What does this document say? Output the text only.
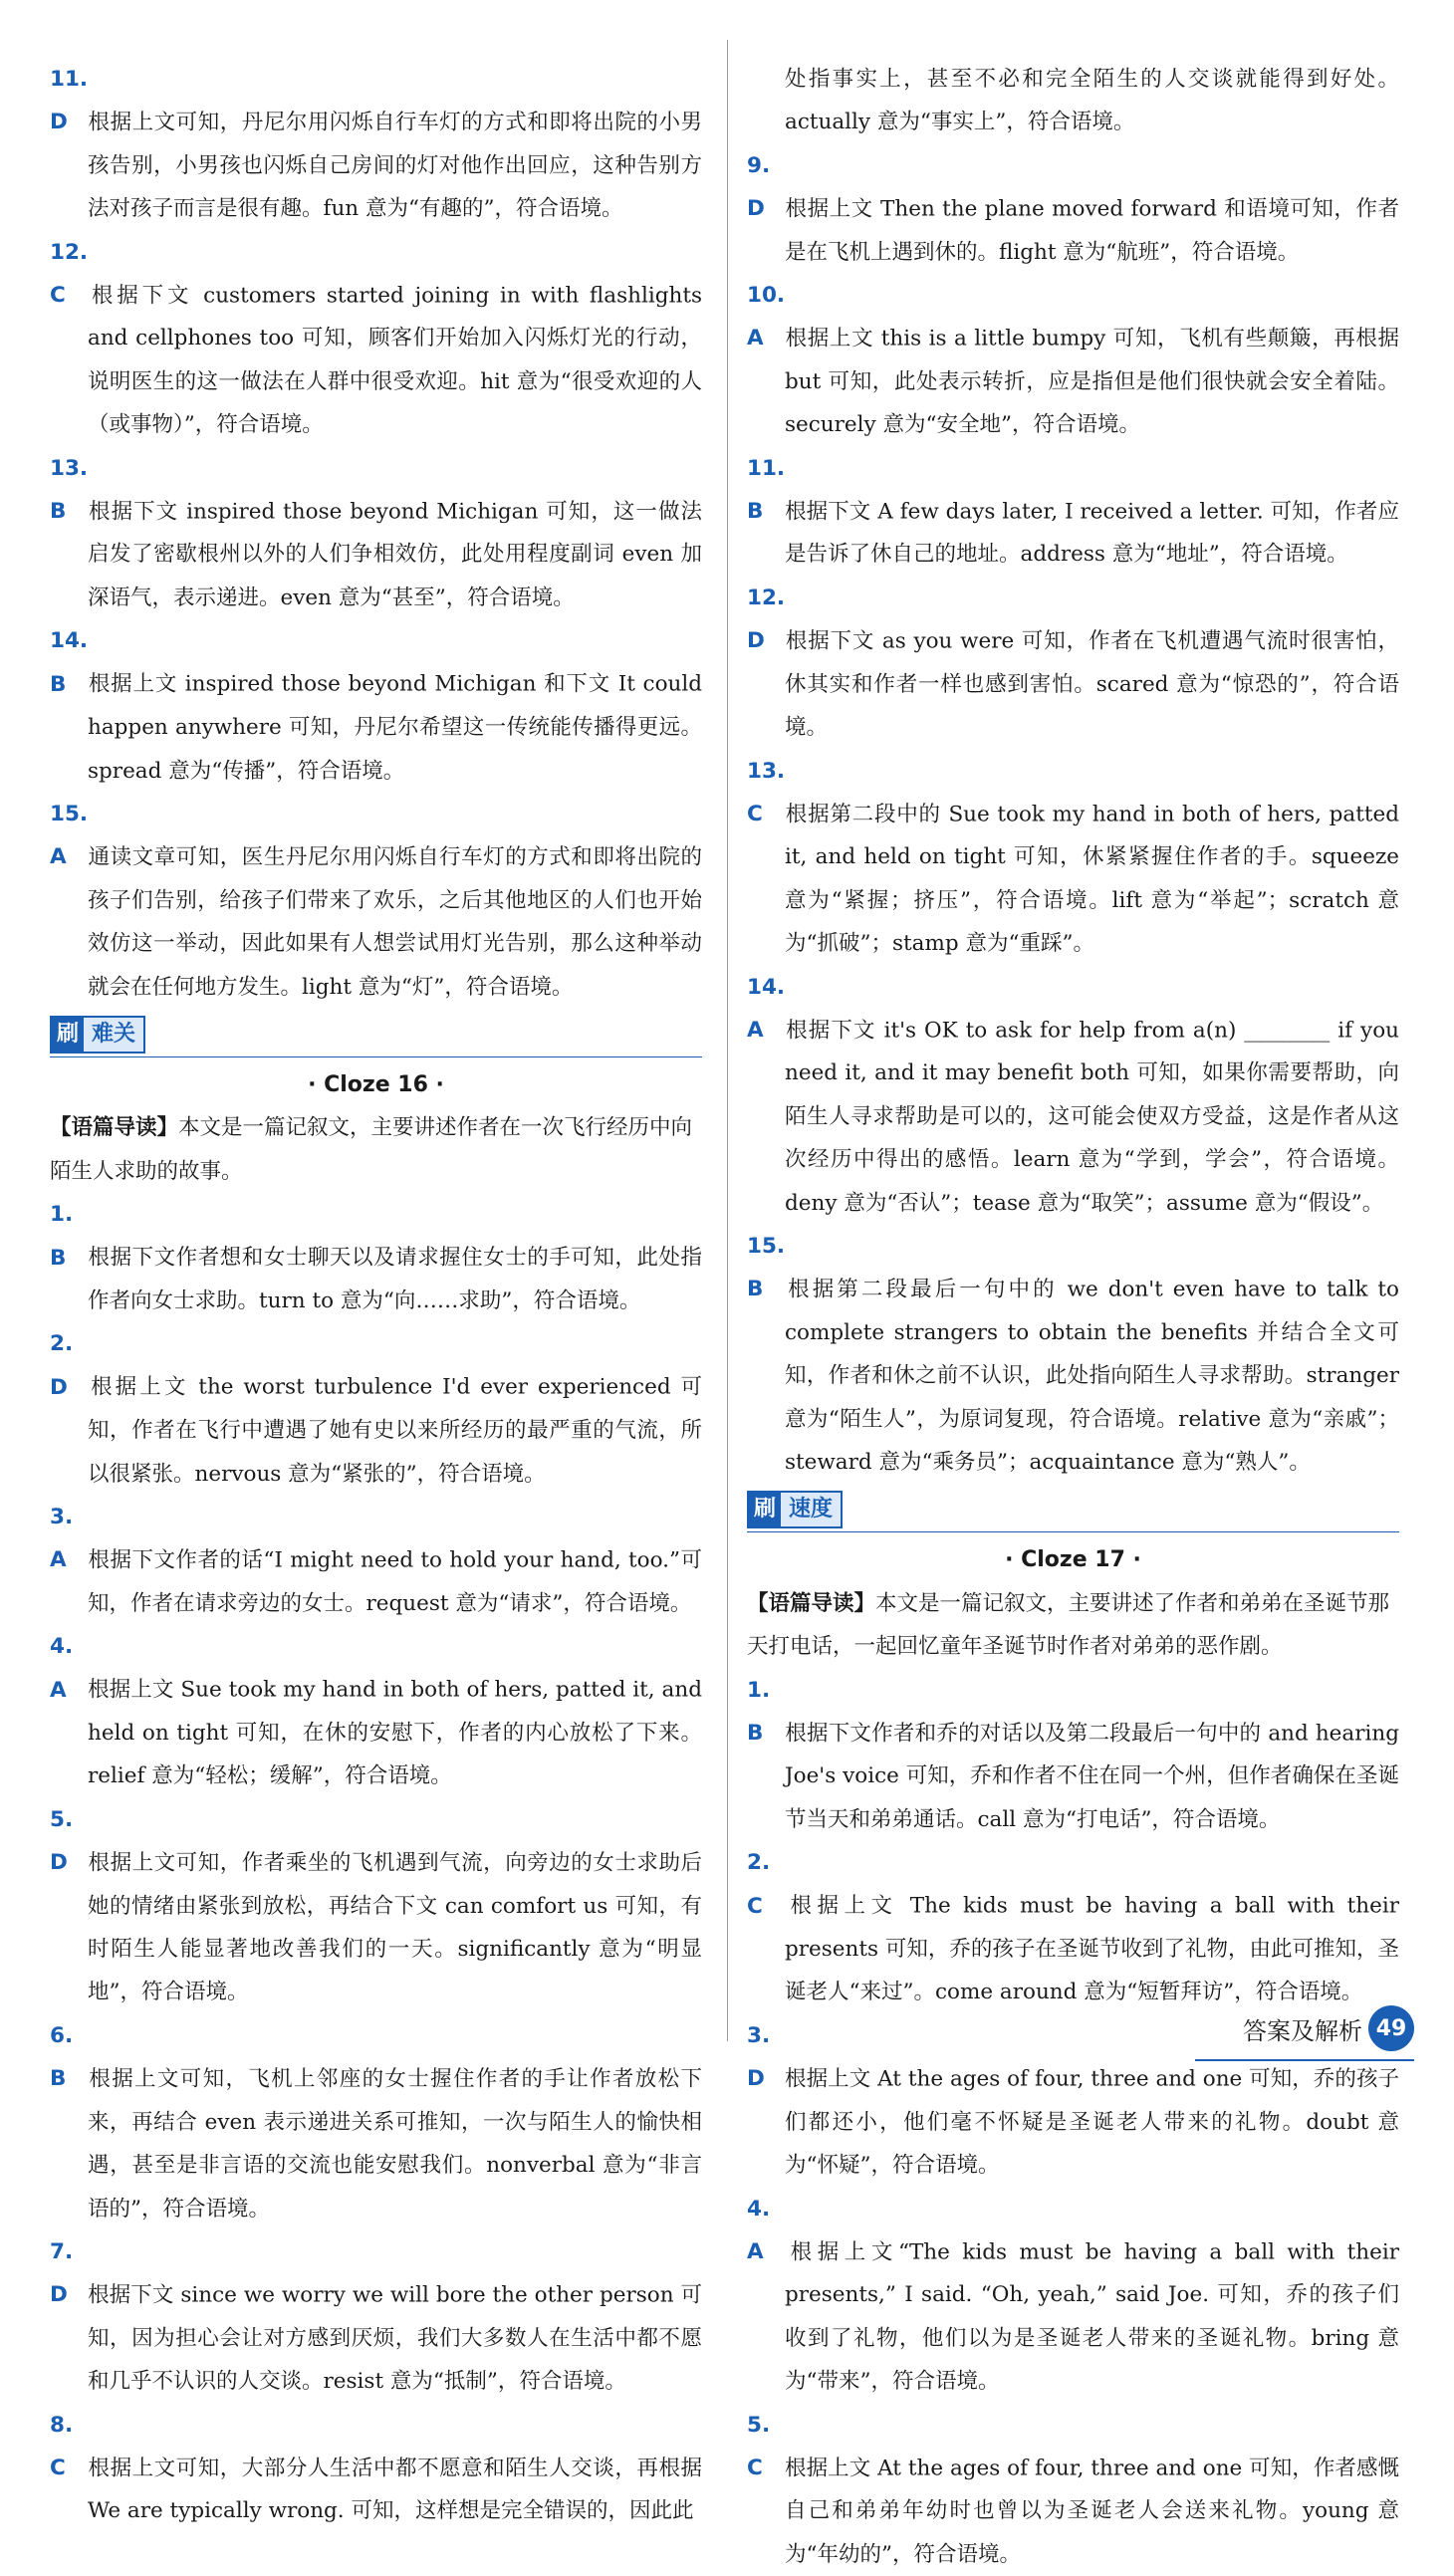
11. D 根据上文可知，丹尼尔用闪烁自行车灯的方式和即将出院的小男孩告别，小男孩也闪烁自己房间的灯对他作出回应，这种告别方法对孩子而言是很有趣。fun 意为“有趣的”，符合语境。

12. C 根据下文 customers started joining in with flashlights and cellphones too 可知，顾客们开始加入闪烁灯光的行动，说明医生的这一做法在人群中很受欢迎。hit 意为“很受欢迎的人（或事物）”，符合语境。

13. B 根据下文 inspired those beyond Michigan 可知，这一做法启发了密歇根州以外的人们争相效仿，此处用程度副词 even 加深语气，表示递进。even 意为“甚至”，符合语境。

14. B 根据上文 inspired those beyond Michigan 和下文 It could happen anywhere 可知，丹尼尔希望这一传统能传播得更远。spread 意为“传播”，符合语境。

15. A 通读文章可知，医生丹尼尔用闪烁自行车灯的方式和即将出院的孩子们告别，给孩子们带来了欢乐，之后其他地区的人们也开始效仿这一举动，因此如果有人想尝试用灯光告别，那么这种举动就会在任何地方发生。light 意为“灯”，符合语境。

刷 难关
· Cloze 16 ·

【语篇导读】本文是一篇记叙文，主要讲述作者在一次飞行经历中向陌生人求助的故事。

1. B 根据下文作者想和女士聊天以及请求握住女士的手可知，此处指作者向女士求助。turn to 意为“向……求助”，符合语境。

2. D 根据上文 the worst turbulence I'd ever experienced 可知，作者在飞行中遭遇了她有史以来所经历的最严重的气流，所以很紧张。nervous 意为“紧张的”，符合语境。

3. A 根据下文作者的话“I might need to hold your hand, too.”可知，作者在请求旁边的女士。request 意为“请求”，符合语境。

4. A 根据上文 Sue took my hand in both of hers, patted it, and held on tight 可知，在休的安慰下，作者的内心放松了下来。relief 意为“轻松；缓解”，符合语境。

5. D 根据上文可知，作者乘坐的飞机遇到气流，向旁边的女士求助后她的情绪由紧张到放松，再结合下文 can comfort us 可知，有时陌生人能显著地改善我们的一天。significantly 意为“明显地”，符合语境。

6. B 根据上文可知，飞机上邻座的女士握住作者的手让作者放松下来，再结合 even 表示递进关系可推知，一次与陌生人的愉快相遇，甚至是非言语的交流也能安慰我们。nonverbal 意为“非言语的”，符合语境。

7. D 根据下文 since we worry we will bore the other person 可知，因为担心会让对方感到厌烦，我们大多数人在生活中都不愿和几乎不认识的人交谈。resist 意为“抵制”，符合语境。

8. C 根据上文可知，大部分人生活中都不愿意和陌生人交谈，再根据 We are typically wrong. 可知，这样想是完全错误的，因此此

处指事实上，甚至不必和完全陌生的人交谈就能得到好处。actually 意为“事实上”，符合语境。

9. D 根据上文 Then the plane moved forward 和语境可知，作者是在飞机上遇到休的。flight 意为“航班”，符合语境。

10. A 根据上文 this is a little bumpy 可知，飞机有些颠簸，再根据 but 可知，此处表示转折，应是指但是他们很快就会安全着陆。securely 意为“安全地”，符合语境。

11. B 根据下文 A few days later, I received a letter. 可知，作者应是告诉了休自己的地址。address 意为“地址”，符合语境。

12. D 根据下文 as you were 可知，作者在飞机遭遇气流时很害怕，休其实和作者一样也感到害怕。scared 意为“惊恐的”，符合语境。

13. C 根据第二段中的 Sue took my hand in both of hers, patted it, and held on tight 可知，休紧紧握住作者的手。squeeze 意为“紧握；挤压”，符合语境。lift 意为“举起”；scratch 意为“抓破”；stamp 意为“重踩”。

14. A 根据下文 it's OK to ask for help from a(n) ________ if you need it, and it may benefit both 可知，如果你需要帮助，向陌生人寻求帮助是可以的，这可能会使双方受益，这是作者从这次经历中得出的感悟。learn 意为“学到，学会”，符合语境。deny 意为“否认”；tease 意为“取笑”；assume 意为“假设”。

15. B 根据第二段最后一句中的 we don't even have to talk to complete strangers to obtain the benefits 并结合全文可知，作者和休之前不认识，此处指向陌生人寻求帮助。stranger 意为“陌生人”，为原词复现，符合语境。relative 意为“亲戚”；steward 意为“乘务员”；acquaintance 意为“熟人”。

刷 速度
· Cloze 17 ·

【语篇导读】本文是一篇记叙文，主要讲述了作者和弟弟在圣诞节那天打电话，一起回忆童年圣诞节时作者对弟弟的恶作剧。

1. B 根据下文作者和乔的对话以及第二段最后一句中的 and hearing Joe's voice 可知，乔和作者不住在同一个州，但作者确保在圣诞节当天和弟弟通话。call 意为“打电话”，符合语境。

2. C 根据上文 The kids must be having a ball with their presents 可知，乔的孩子在圣诞节收到了礼物，由此可推知，圣诞老人“来过”。come around 意为“短暂拜访”，符合语境。

3. D 根据上文 At the ages of four, three and one 可知，乔的孩子们都还小，他们毫不怀疑是圣诞老人带来的礼物。doubt 意为“怀疑”，符合语境。

4. A 根据上文“The kids must be having a ball with their presents,” I said. “Oh, yeah,” said Joe. 可知，乔的孩子们收到了礼物，他们以为是圣诞老人带来的圣诞礼物。bring 意为“带来”，符合语境。

5. C 根据上文 At the ages of four, three and one 可知，作者感慨自己和弟弟年幼时也曾以为圣诞老人会送来礼物。young 意为“年幼的”，符合语境。

答案及解析 49
